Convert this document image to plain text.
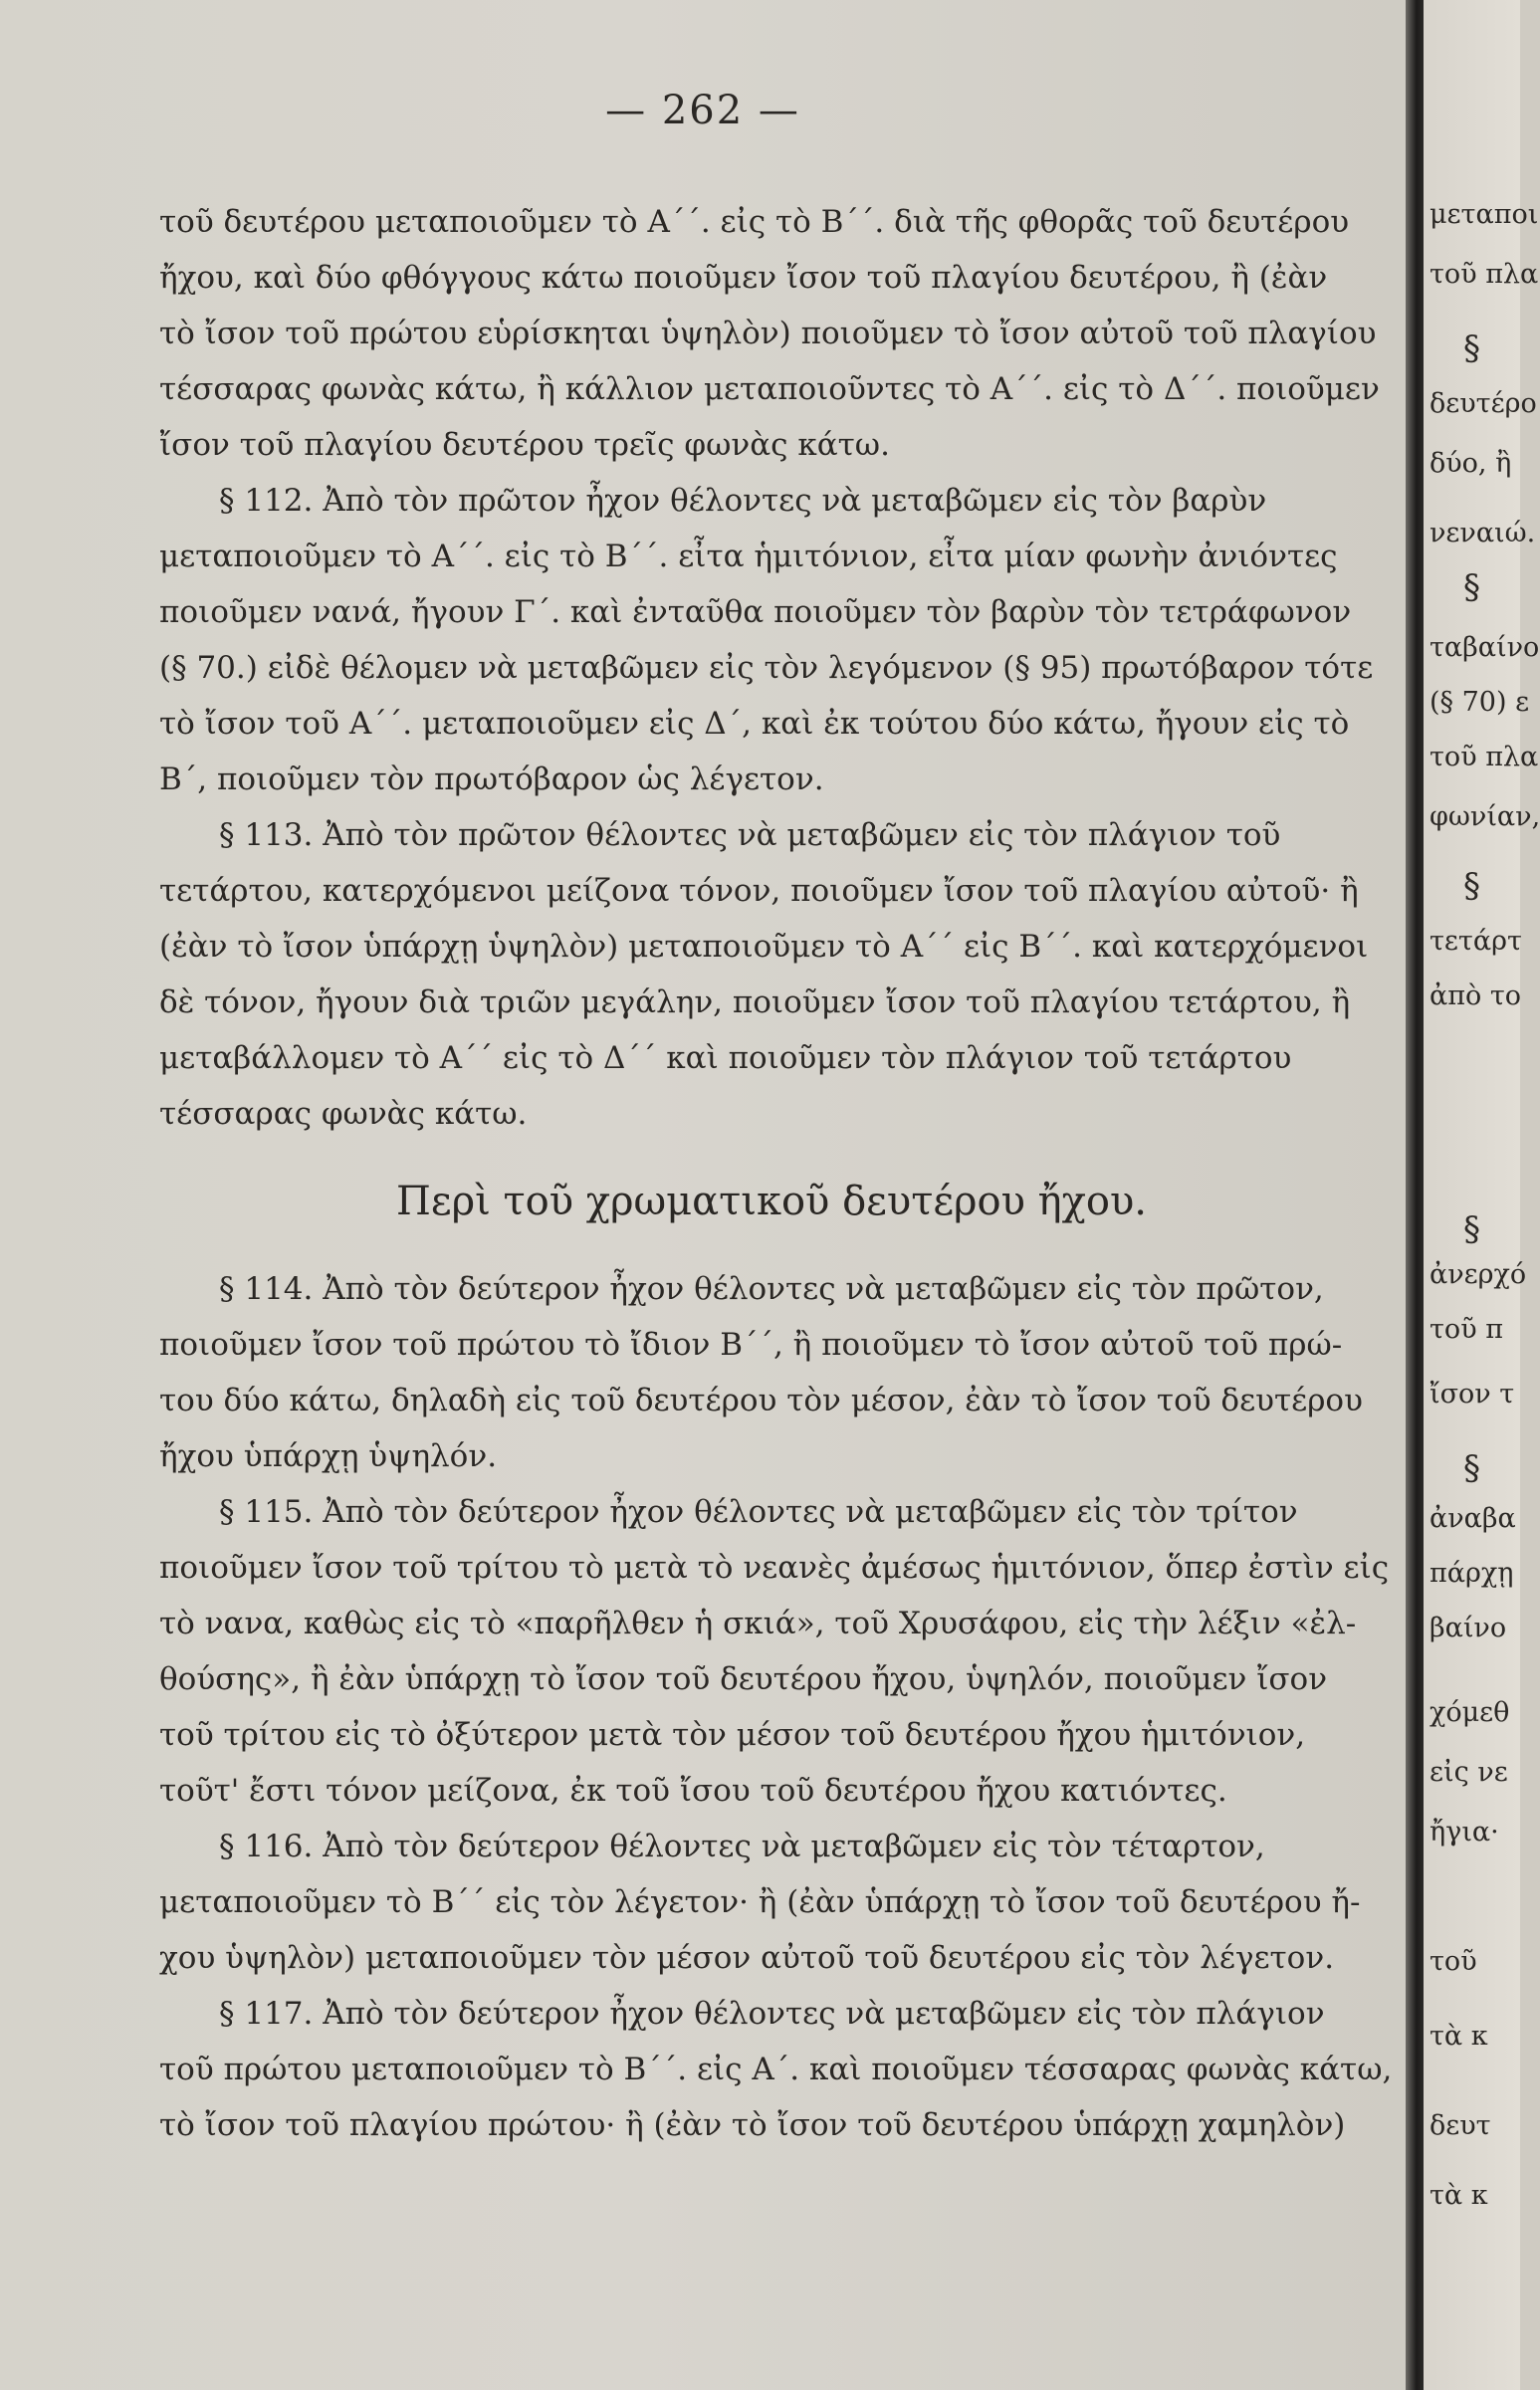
— 262 —
τοῦ δευτέρου μεταποιοῦμεν τὸ Α΄΄. εἰς τὸ Β΄΄. διὰ τῆς φθορᾶς τοῦ δευτέρου
ἤχου, καὶ δύο φθόγγους κάτω ποιοῦμεν ἴσον τοῦ πλαγίου δευτέρου, ἢ (ἐὰν
τὸ ἴσον τοῦ πρώτου εὑρίσκηται ὑψηλὸν) ποιοῦμεν τὸ ἴσον αὐτοῦ τοῦ πλαγίου
τέσσαρας φωνὰς κάτω, ἢ κάλλιον μεταποιοῦντες τὸ Α΄΄. εἰς τὸ Δ΄΄. ποιοῦμεν
ἴσον τοῦ πλαγίου δευτέρου τρεῖς φωνὰς κάτω.
§ 112. Ἀπὸ τὸν πρῶτον ἦχον θέλοντες νὰ μεταβῶμεν εἰς τὸν βαρὺν
μεταποιοῦμεν τὸ Α΄΄. εἰς τὸ Β΄΄. εἶτα ἡμιτόνιον, εἶτα μίαν φωνὴν ἀνιόντες
ποιοῦμεν νανά, ἤγουν Γ΄. καὶ ἐνταῦθα ποιοῦμεν τὸν βαρὺν τὸν τετράφωνον
(§ 70.) εἰδὲ θέλομεν νὰ μεταβῶμεν εἰς τὸν λεγόμενον (§ 95) πρωτόβαρον τότε
τὸ ἴσον τοῦ Α΄΄. μεταποιοῦμεν εἰς Δ΄, καὶ ἐκ τούτου δύο κάτω, ἤγουν εἰς τὸ
Β΄, ποιοῦμεν τὸν πρωτόβαρον ὡς λέγετον.
§ 113. Ἀπὸ τὸν πρῶτον θέλοντες νὰ μεταβῶμεν εἰς τὸν πλάγιον τοῦ
τετάρτου, κατερχόμενοι μείζονα τόνον, ποιοῦμεν ἴσον τοῦ πλαγίου αὐτοῦ· ἢ
(ἐὰν τὸ ἴσον ὑπάρχῃ ὑψηλὸν) μεταποιοῦμεν τὸ Α΄΄ εἰς Β΄΄. καὶ κατερχόμενοι
δὲ τόνον, ἤγουν διὰ τριῶν μεγάλην, ποιοῦμεν ἴσον τοῦ πλαγίου τετάρτου, ἢ
μεταβάλλομεν τὸ Α΄΄ εἰς τὸ Δ΄΄ καὶ ποιοῦμεν τὸν πλάγιον τοῦ τετάρτου
τέσσαρας φωνὰς κάτω.
Περὶ τοῦ χρωματικοῦ δευτέρου ἤχου.
§ 114. Ἀπὸ τὸν δεύτερον ἦχον θέλοντες νὰ μεταβῶμεν εἰς τὸν πρῶτον,
ποιοῦμεν ἴσον τοῦ πρώτου τὸ ἴδιον Β΄΄, ἢ ποιοῦμεν τὸ ἴσον αὐτοῦ τοῦ πρώ-
του δύο κάτω, δηλαδὴ εἰς τοῦ δευτέρου τὸν μέσον, ἐὰν τὸ ἴσον τοῦ δευτέρου
ἤχου ὑπάρχῃ ὑψηλόν.
§ 115. Ἀπὸ τὸν δεύτερον ἦχον θέλοντες νὰ μεταβῶμεν εἰς τὸν τρίτον
ποιοῦμεν ἴσον τοῦ τρίτου τὸ μετὰ τὸ νεανὲς ἀμέσως ἡμιτόνιον, ὅπερ ἐστὶν εἰς
τὸ νανα, καθὼς εἰς τὸ «παρῆλθεν ἡ σκιά», τοῦ Χρυσάφου, εἰς τὴν λέξιν «ἐλ-
θούσης», ἢ ἐὰν ὑπάρχῃ τὸ ἴσον τοῦ δευτέρου ἤχου, ὑψηλόν, ποιοῦμεν ἴσον
τοῦ τρίτου εἰς τὸ ὀξύτερον μετὰ τὸν μέσον τοῦ δευτέρου ἤχου ἡμιτόνιον,
τοῦτ' ἔστι τόνον μείζονα, ἐκ τοῦ ἴσου τοῦ δευτέρου ἤχου κατιόντες.
§ 116. Ἀπὸ τὸν δεύτερον θέλοντες νὰ μεταβῶμεν εἰς τὸν τέταρτον,
μεταποιοῦμεν τὸ Β΄΄ εἰς τὸν λέγετον· ἢ (ἐὰν ὑπάρχῃ τὸ ἴσον τοῦ δευτέρου ἤ-
χου ὑψηλὸν) μεταποιοῦμεν τὸν μέσον αὐτοῦ τοῦ δευτέρου εἰς τὸν λέγετον.
§ 117. Ἀπὸ τὸν δεύτερον ἦχον θέλοντες νὰ μεταβῶμεν εἰς τὸν πλάγιον
τοῦ πρώτου μεταποιοῦμεν τὸ Β΄΄. εἰς Α΄. καὶ ποιοῦμεν τέσσαρας φωνὰς κάτω,
τὸ ἴσον τοῦ πλαγίου πρώτου· ἢ (ἐὰν τὸ ἴσον τοῦ δευτέρου ὑπάρχῃ χαμηλὸν)
μεταποι
τοῦ πλα
§
δευτέρο
δύο, ἢ
νεναιώ.
§
ταβαίνο
(§ 70) ε
τοῦ πλα
φωνίαν,
§
τετάρτ
ἀπὸ το
§
ἀνερχό
τοῦ π
ἴσον τ
§
ἀναβα
πάρχῃ
βαίνο
χόμεθ
εἰς νε
ἤγια·
τοῦ
τὰ κ
δευτ
τὰ κ
